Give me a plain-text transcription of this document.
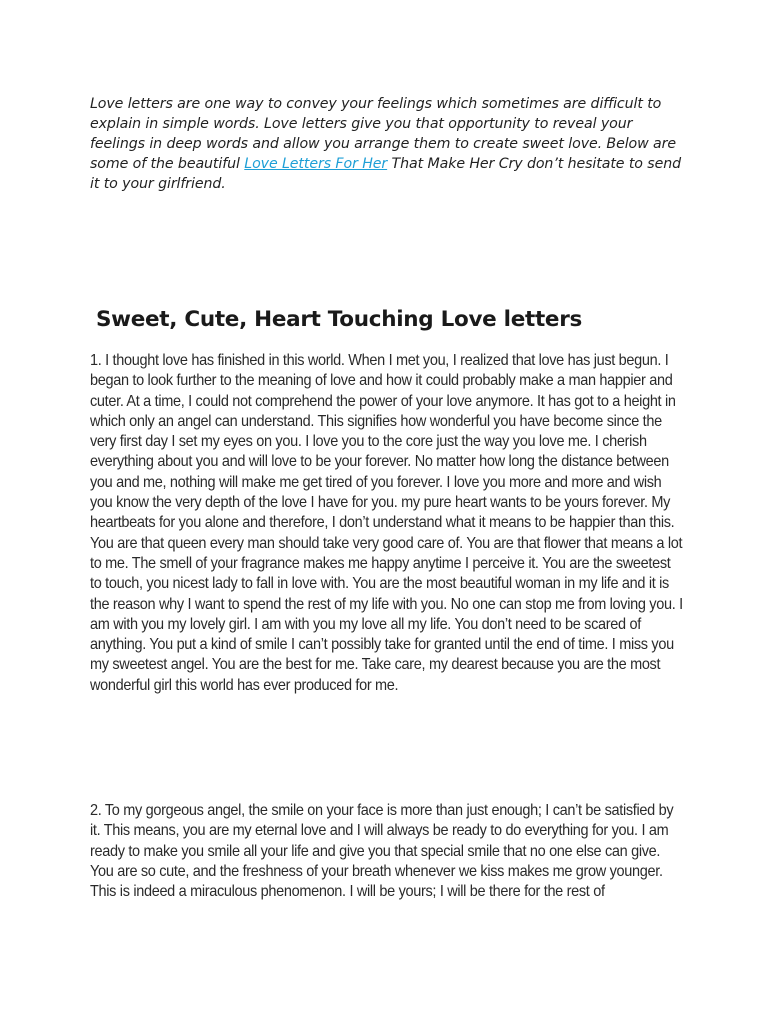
Love letters are one way to convey your feelings which sometimes are difficult to explain in simple words. Love letters give you that opportunity to reveal your feelings in deep words and allow you arrange them to create sweet love. Below are some of the beautiful Love Letters For Her That Make Her Cry don’t hesitate to send it to your girlfriend.

Sweet, Cute, Heart Touching Love letters

1. I thought love has finished in this world. When I met you, I realized that love has just begun. I began to look further to the meaning of love and how it could probably make a man happier and cuter. At a time, I could not comprehend the power of your love anymore. It has got to a height in which only an angel can understand. This signifies how wonderful you have become since the very first day I set my eyes on you. I love you to the core just the way you love me. I cherish everything about you and will love to be your forever. No matter how long the distance between you and me, nothing will make me get tired of you forever. I love you more and more and wish you know the very depth of the love I have for you. my pure heart wants to be yours forever. My heartbeats for you alone and therefore, I don’t understand what it means to be happier than this. You are that queen every man should take very good care of. You are that flower that means a lot to me. The smell of your fragrance makes me happy anytime I perceive it. You are the sweetest to touch, you nicest lady to fall in love with. You are the most beautiful woman in my life and it is the reason why I want to spend the rest of my life with you. No one can stop me from loving you. I am with you my lovely girl. I am with you my love all my life. You don’t need to be scared of anything. You put a kind of smile I can’t possibly take for granted until the end of time. I miss you my sweetest angel. You are the best for me. Take care, my dearest because you are the most wonderful girl this world has ever produced for me.

2. To my gorgeous angel, the smile on your face is more than just enough; I can’t be satisfied by it. This means, you are my eternal love and I will always be ready to do everything for you. I am ready to make you smile all your life and give you that special smile that no one else can give. You are so cute, and the freshness of your breath whenever we kiss makes me grow younger. This is indeed a miraculous phenomenon. I will be yours; I will be there for the rest of
